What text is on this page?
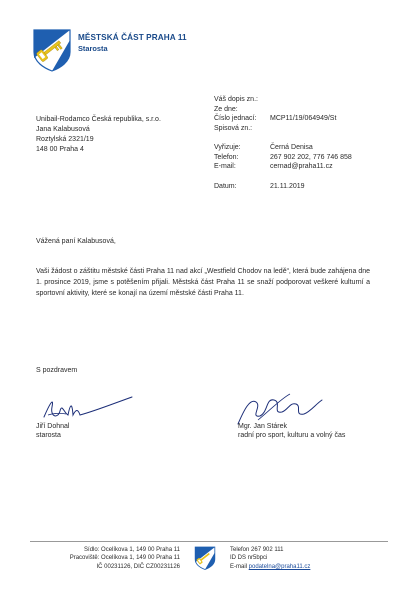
MĚSTSKÁ ČÁST PRAHA 11
Starosta
Unibail-Rodamco Česká republika, s.r.o.
Jana Kalabusová
Roztylská 2321/19
148 00 Praha 4
Váš dopis zn.:
Ze dne:
Číslo jednací: MCP11/19/064949/St
Spisová zn.:
Vyřizuje:	Černá Denisa
Telefon:	267 902 202, 776 746 858
E-mail:	cernad@praha11.cz
Datum:	21.11.2019
Vážená paní Kalabusová,
Vaši žádost o záštitu městské části Praha 11 nad akcí „Westfield Chodov na ledě“, která bude zahájena dne 1. prosince 2019, jsme s potěšením přijali. Městská část Praha 11 se snaží podporovat veškeré kulturní a sportovní aktivity, které se konají na území městské části Praha 11.
S pozdravem
Jiří Dohnal
starosta
Mgr. Jan Stárek
radní pro sport, kulturu a volný čas
Sídlo: Ocelíkova 1, 149 00 Praha 11
Pracoviště: Ocelíkova 1, 149 00 Praha 11
IČ 00231126, DIČ CZ00231126
Telefon 267 902 111
ID DS nr5bpci
E-mail podatelna@praha11.cz
